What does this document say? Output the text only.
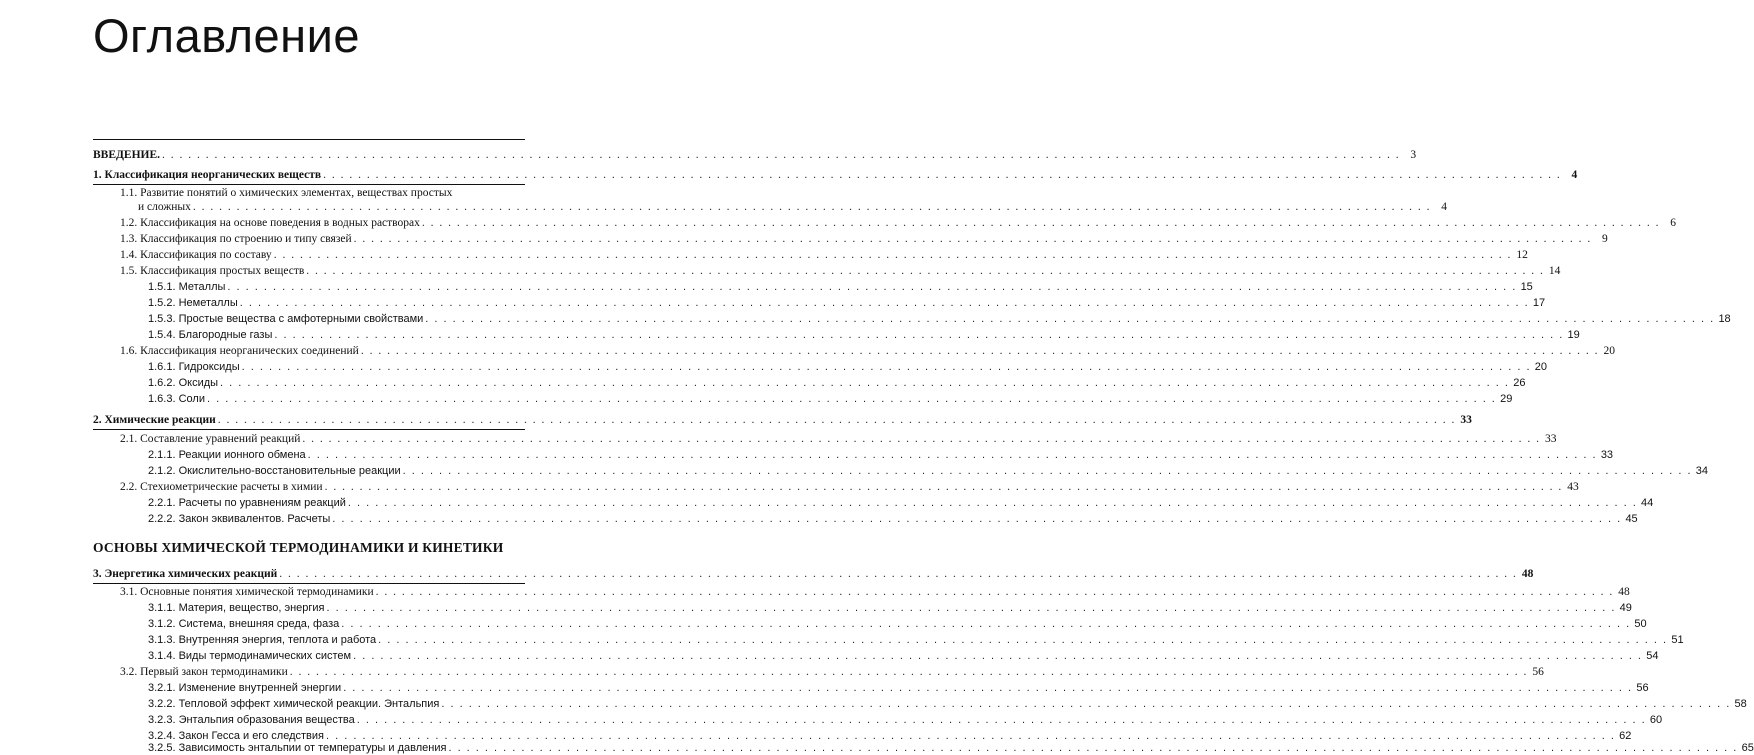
Оглавление
ВВЕДЕНИЕ. . . .	3
1. Классификация неорганических веществ . . .	4
1.1. Развитие понятий о химических элементах, веществах простых
и сложных . . .	4
1.2. Классификация на основе поведения в водных растворах . . .	6
1.3. Классификация по строению и типу связей . . .	9
1.4. Классификация по составу . . .	12
1.5. Классификация простых веществ . . .	14
1.5.1. Металлы . . .	15
1.5.2. Неметаллы . . .	17
1.5.3. Простые вещества с амфотерными свойствами . . .	18
1.5.4. Благородные газы . . .	19
1.6. Классификация неорганических соединений . . .	20
1.6.1. Гидроксиды . . .	20
1.6.2. Оксиды . . .	26
1.6.3. Соли . . .	29
2. Химические реакции . . .	33
2.1. Составление уравнений реакций . . .	33
2.1.1. Реакции ионного обмена . . .	33
2.1.2. Окислительно-восстановительные реакции . . .	34
2.2. Стехиометрические расчеты в химии . . .	43
2.2.1. Расчеты по уравнениям реакций . . .	44
2.2.2. Закон эквивалентов. Расчеты . . .	45
ОСНОВЫ ХИМИЧЕСКОЙ ТЕРМОДИНАМИКИ И КИНЕТИКИ
3. Энергетика химических реакций . . .	48
3.1. Основные понятия химической термодинамики . . .	48
3.1.1. Материя, вещество, энергия . . .	49
3.1.2. Система, внешняя среда, фаза . . .	50
3.1.3. Внутренняя энергия, теплота и работа . . .	51
3.1.4. Виды термодинамических систем . . .	54
3.2. Первый закон термодинамики . . .	56
3.2.1. Изменение внутренней энергии . . .	56
3.2.2. Тепловой эффект химической реакции. Энтальпия . . .	58
3.2.3. Энтальпия образования вещества . . .	60
3.2.4. Закон Гесса и его следствия . . .	62
3.2.5. Зависимость энтальпии от температуры и давления . . .	65
